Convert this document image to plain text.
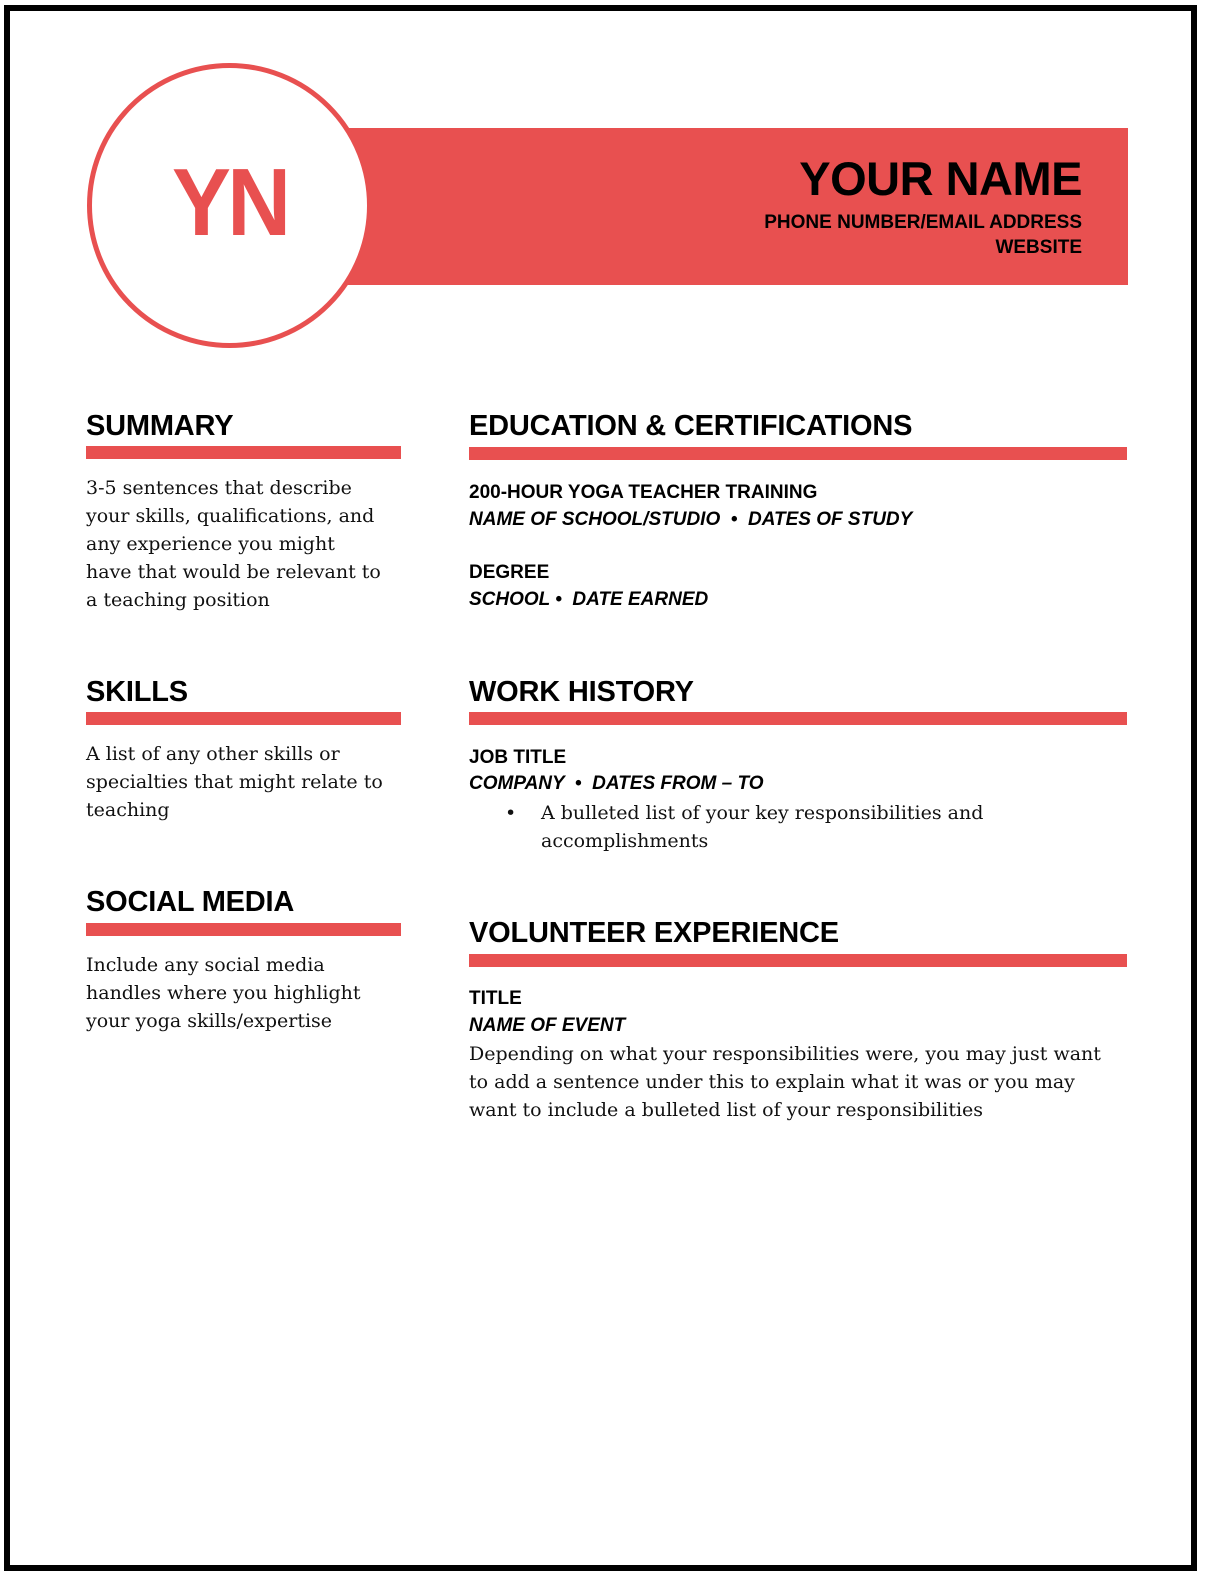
YN	YOUR NAME
PHONE NUMBER/EMAIL ADDRESS
WEBSITE
SUMMARY
3-5 sentences that describe
your skills, qualifications, and
any experience you might
have that would be relevant to
a teaching position
SKILLS
A list of any other skills or
specialties that might relate to
teaching
SOCIAL MEDIA
Include any social media
handles where you highlight
your yoga skills/expertise
EDUCATION & CERTIFICATIONS
200-HOUR YOGA TEACHER TRAINING
NAME OF SCHOOL/STUDIO  •  DATES OF STUDY
DEGREE
SCHOOL •  DATE EARNED
WORK HISTORY
JOB TITLE
COMPANY  •  DATES FROM – TO
• A bulleted list of your key responsibilities and
accomplishments
VOLUNTEER EXPERIENCE
TITLE
NAME OF EVENT
Depending on what your responsibilities were, you may just want
to add a sentence under this to explain what it was or you may
want to include a bulleted list of your responsibilities
